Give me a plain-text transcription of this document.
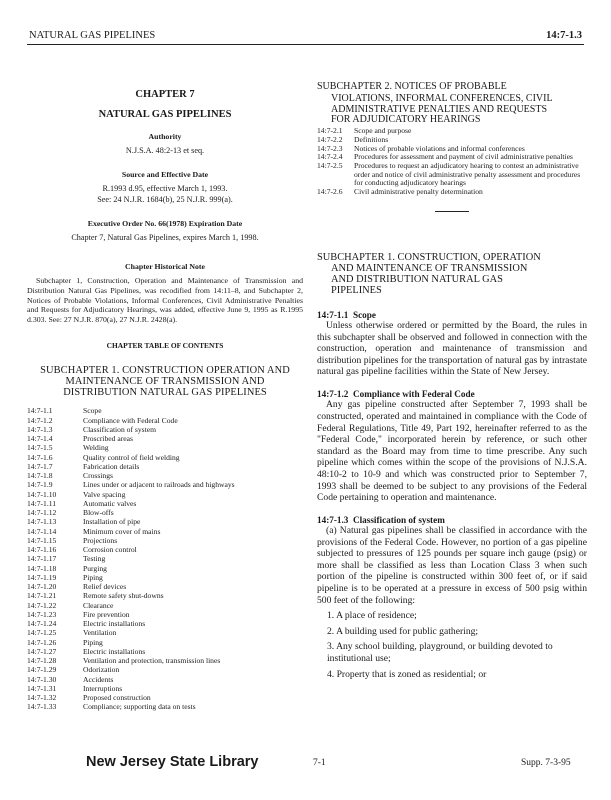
NATURAL GAS PIPELINES	14:7-1.3
CHAPTER 7
NATURAL GAS PIPELINES
Authority
N.J.S.A. 48:2-13 et seq.
Source and Effective Date
R.1993 d.95, effective March 1, 1993.
See: 24 N.J.R. 1684(b), 25 N.J.R. 999(a).
Executive Order No. 66(1978) Expiration Date
Chapter 7, Natural Gas Pipelines, expires March 1, 1998.
Chapter Historical Note
Subchapter 1, Construction, Operation and Maintenance of Transmission and Distribution Natural Gas Pipelines, was recodified from 14:11–8, and Subchapter 2, Notices of Probable Violations, Informal Conferences, Civil Administrative Penalties and Requests for Adjudicatory Hearings, was added, effective June 9, 1995 as R.1995 d.303. See: 27 N.J.R. 870(a), 27 N.J.R. 2428(a).
CHAPTER TABLE OF CONTENTS
SUBCHAPTER 1. CONSTRUCTION OPERATION AND
MAINTENANCE OF TRANSMISSION AND
DISTRIBUTION NATURAL GAS PIPELINES
14:7-1.1	Scope
14:7-1.2	Compliance with Federal Code
14:7-1.3	Classification of system
14:7-1.4	Proscribed areas
14:7-1.5	Welding
14:7-1.6	Quality control of field welding
14:7-1.7	Fabrication details
14:7-1.8	Crossings
14:7-1.9	Lines under or adjacent to railroads and highways
14:7-1.10	Valve spacing
14:7-1.11	Automatic valves
14:7-1.12	Blow-offs
14:7-1.13	Installation of pipe
14:7-1.14	Minimum cover of mains
14:7-1.15	Projections
14:7-1.16	Corrosion control
14:7-1.17	Testing
14:7-1.18	Purging
14:7-1.19	Piping
14:7-1.20	Relief devices
14:7-1.21	Remote safety shut-downs
14:7-1.22	Clearance
14:7-1.23	Fire prevention
14:7-1.24	Electric installations
14:7-1.25	Ventilation
14:7-1.26	Piping
14:7-1.27	Electric installations
14:7-1.28	Ventilation and protection, transmission lines
14:7-1.29	Odorization
14:7-1.30	Accidents
14:7-1.31	Interruptions
14:7-1.32	Proposed construction
14:7-1.33	Compliance; supporting data on tests
SUBCHAPTER 2. NOTICES OF PROBABLE
VIOLATIONS, INFORMAL CONFERENCES, CIVIL
ADMINISTRATIVE PENALTIES AND REQUESTS
FOR ADJUDICATORY HEARINGS
14:7-2.1	Scope and purpose
14:7-2.2	Definitions
14:7-2.3	Notices of probable violations and informal conferences
14:7-2.4	Procedures for assessment and payment of civil administrative penalties
14:7-2.5	Procedures to request an adjudicatory hearing to contest an administrative order and notice of civil administrative penalty assessment and procedures for conducting adjudicatory hearings
14:7-2.6	Civil administrative penalty determination
SUBCHAPTER 1. CONSTRUCTION, OPERATION
AND MAINTENANCE OF TRANSMISSION
AND DISTRIBUTION NATURAL GAS
PIPELINES
14:7-1.1 Scope
Unless otherwise ordered or permitted by the Board, the rules in this subchapter shall be observed and followed in connection with the construction, operation and maintenance of transmission and distribution pipelines for the transportation of natural gas by intrastate natural gas pipeline facilities within the State of New Jersey.
14:7-1.2 Compliance with Federal Code
Any gas pipeline constructed after September 7, 1993 shall be constructed, operated and maintained in compliance with the Code of Federal Regulations, Title 49, Part 192, hereinafter referred to as the "Federal Code," incorporated herein by reference, or such other standard as the Board may from time to time prescribe. Any such pipeline which comes within the scope of the provisions of N.J.S.A. 48:10-2 to 10-9 and which was constructed prior to September 7, 1993 shall be deemed to be subject to any provisions of the Federal Code pertaining to operation and maintenance.
14:7-1.3 Classification of system
(a) Natural gas pipelines shall be classified in accordance with the provisions of the Federal Code. However, no portion of a gas pipeline subjected to pressures of 125 pounds per square inch gauge (psig) or more shall be classified as less than Location Class 3 when such portion of the pipeline is constructed within 300 feet of, or if said pipeline is to be operated at a pressure in excess of 500 psig within 500 feet of the following:
1. A place of residence;
2. A building used for public gathering;
3. Any school building, playground, or building devoted to institutional use;
4. Property that is zoned as residential; or
New Jersey State Library	7-1	Supp. 7-3-95
